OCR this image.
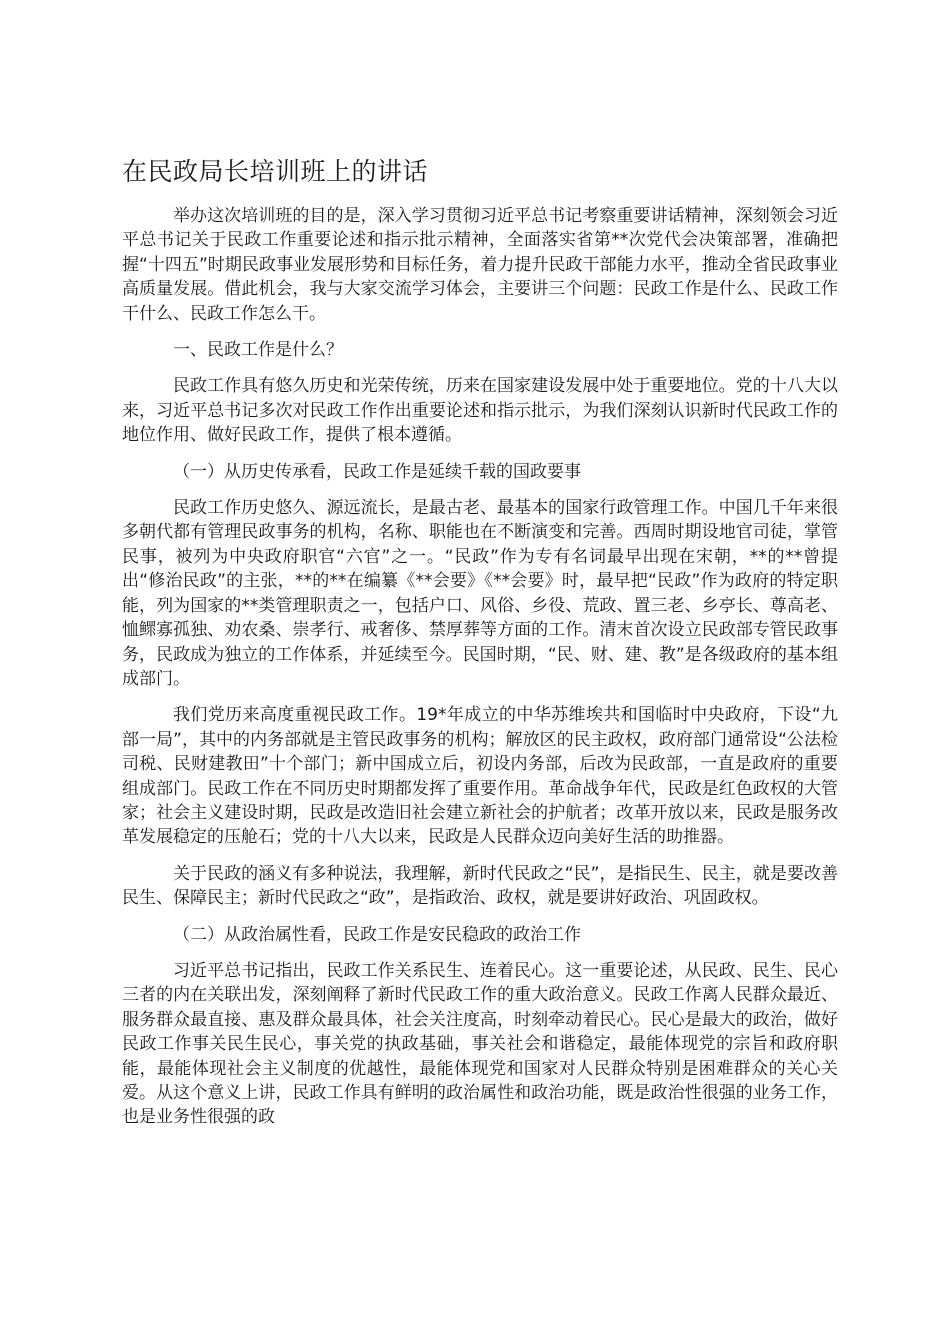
在民政局长培训班上的讲话

举办这次培训班的目的是，深入学习贯彻习近平总书记考察重要讲话精神，深刻领会习近平总书记关于民政工作重要论述和指示批示精神，全面落实省第**次党代会决策部署，准确把握“十四五”时期民政事业发展形势和目标任务，着力提升民政干部能力水平，推动全省民政事业高质量发展。借此机会，我与大家交流学习体会，主要讲三个问题：民政工作是什么、民政工作干什么、民政工作怎么干。

一、民政工作是什么？

民政工作具有悠久历史和光荣传统，历来在国家建设发展中处于重要地位。党的十八大以来，习近平总书记多次对民政工作作出重要论述和指示批示，为我们深刻认识新时代民政工作的地位作用、做好民政工作，提供了根本遵循。

（一）从历史传承看，民政工作是延续千载的国政要事

民政工作历史悠久、源远流长，是最古老、最基本的国家行政管理工作。中国几千年来很多朝代都有管理民政事务的机构，名称、职能也在不断演变和完善。西周时期设地官司徒，掌管民事，被列为中央政府职官“六官”之一。“民政”作为专有名词最早出现在宋朝，**的**曾提出“修治民政”的主张，**的**在编纂《**会要》《**会要》时，最早把“民政”作为政府的特定职能，列为国家的**类管理职责之一，包括户口、风俗、乡役、荒政、置三老、乡亭长、尊高老、恤鳏寡孤独、劝农桑、崇孝行、戒奢侈、禁厚葬等方面的工作。清末首次设立民政部专管民政事务，民政成为独立的工作体系，并延续至今。民国时期，“民、财、建、教”是各级政府的基本组成部门。

我们党历来高度重视民政工作。19*年成立的中华苏维埃共和国临时中央政府，下设“九部一局”，其中的内务部就是主管民政事务的机构；解放区的民主政权，政府部门通常设“公法检司税、民财建教田”十个部门；新中国成立后，初设内务部，后改为民政部，一直是政府的重要组成部门。民政工作在不同历史时期都发挥了重要作用。革命战争年代，民政是红色政权的大管家；社会主义建设时期，民政是改造旧社会建立新社会的护航者；改革开放以来，民政是服务改革发展稳定的压舱石；党的十八大以来，民政是人民群众迈向美好生活的助推器。

关于民政的涵义有多种说法，我理解，新时代民政之“民”，是指民生、民主，就是要改善民生、保障民主；新时代民政之“政”，是指政治、政权，就是要讲好政治、巩固政权。

（二）从政治属性看，民政工作是安民稳政的政治工作

习近平总书记指出，民政工作关系民生、连着民心。这一重要论述，从民政、民生、民心三者的内在关联出发，深刻阐释了新时代民政工作的重大政治意义。民政工作离人民群众最近、服务群众最直接、惠及群众最具体，社会关注度高，时刻牵动着民心。民心是最大的政治，做好民政工作事关民生民心，事关党的执政基础，事关社会和谐稳定，最能体现党的宗旨和政府职能，最能体现社会主义制度的优越性，最能体现党和国家对人民群众特别是困难群众的关心关爱。从这个意义上讲，民政工作具有鲜明的政治属性和政治功能，既是政治性很强的业务工作，也是业务性很强的政
